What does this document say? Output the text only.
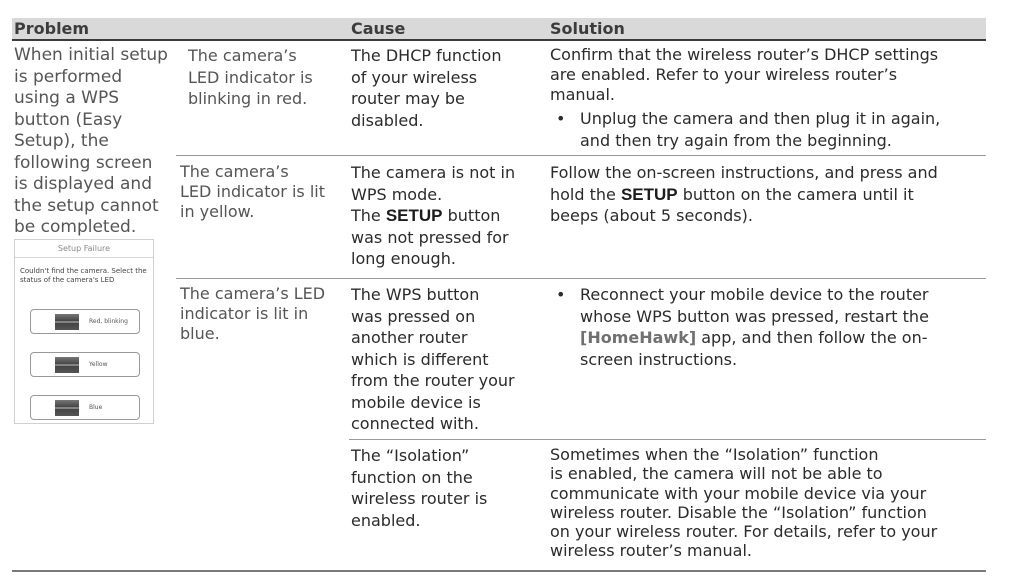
Problem	Cause	Solution
When initial setup
is performed
using a WPS
button (Easy
Setup), the
following screen
is displayed and
the setup cannot
be completed.
Setup Failure
Couldn't find the camera. Select the status of the camera's LED
Red, blinking
Yellow
Blue
The camera’s
LED indicator is
blinking in red.
The DHCP function
of your wireless
router may be
disabled.
Confirm that the wireless router’s DHCP settings
are enabled. Refer to your wireless router’s
manual.
• Unplug the camera and then plug it in again,
and then try again from the beginning.
The camera’s
LED indicator is lit
in yellow.
The camera is not in
WPS mode.
The SETUP button
was not pressed for
long enough.
Follow the on-screen instructions, and press and
hold the SETUP button on the camera until it
beeps (about 5 seconds).
The camera’s LED
indicator is lit in
blue.
The WPS button
was pressed on
another router
which is different
from the router your
mobile device is
connected with.
• Reconnect your mobile device to the router
whose WPS button was pressed, restart the
[HomeHawk] app, and then follow the on-
screen instructions.
The “Isolation”
function on the
wireless router is
enabled.
Sometimes when the “Isolation” function
is enabled, the camera will not be able to
communicate with your mobile device via your
wireless router. Disable the “Isolation” function
on your wireless router. For details, refer to your
wireless router’s manual.
